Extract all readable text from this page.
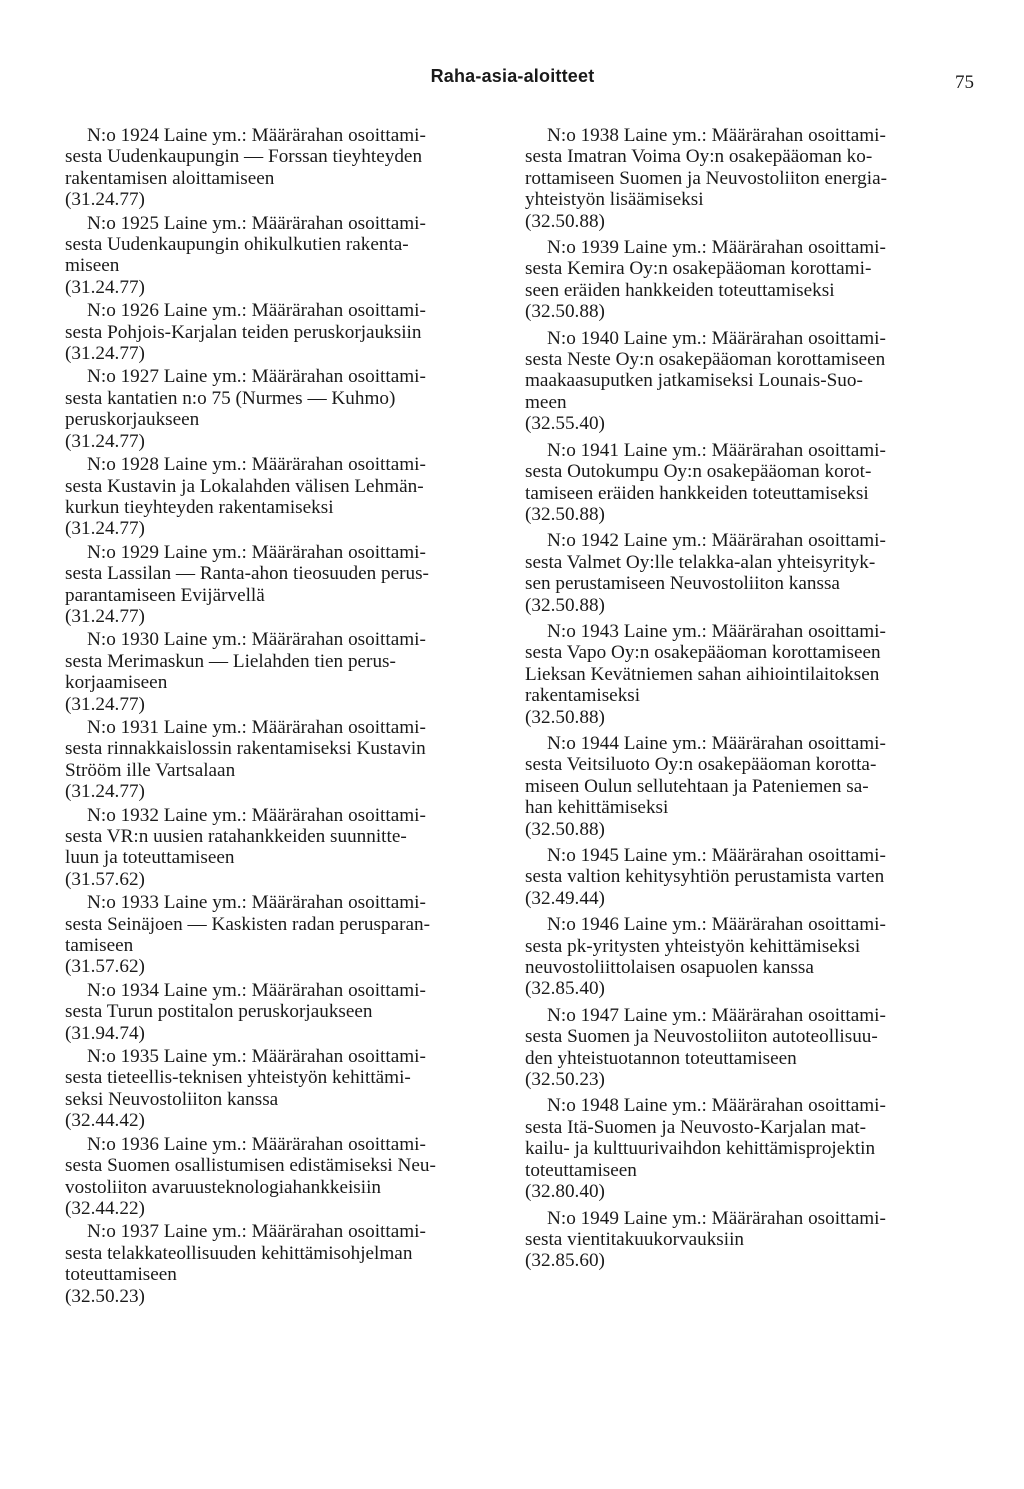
Raha-asia-aloitteet	75
N:o 1924 Laine ym.: Määrärahan osoittami-
sesta Uudenkaupungin — Forssan tieyhteyden
rakentamisen aloittamiseen
(31.24.77)
N:o 1925 Laine ym.: Määrärahan osoittami-
sesta Uudenkaupungin ohikulkutien rakenta-
miseen
(31.24.77)
N:o 1926 Laine ym.: Määrärahan osoittami-
sesta Pohjois-Karjalan teiden peruskorjauksiin
(31.24.77)
N:o 1927 Laine ym.: Määrärahan osoittami-
sesta kantatien n:o 75 (Nurmes — Kuhmo)
peruskorjaukseen
(31.24.77)
N:o 1928 Laine ym.: Määrärahan osoittami-
sesta Kustavin ja Lokalahden välisen Lehmän-
kurkun tieyhteyden rakentamiseksi
(31.24.77)
N:o 1929 Laine ym.: Määrärahan osoittami-
sesta Lassilan — Ranta-ahon tieosuuden perus-
parantamiseen Evijärvellä
(31.24.77)
N:o 1930 Laine ym.: Määrärahan osoittami-
sesta Merimaskun — Lielahden tien perus-
korjaamiseen
(31.24.77)
N:o 1931 Laine ym.: Määrärahan osoittami-
sesta rinnakkaislossin rakentamiseksi Kustavin
Strööm ille Vartsalaan
(31.24.77)
N:o 1932 Laine ym.: Määrärahan osoittami-
sesta VR:n uusien ratahankkeiden suunnitte-
luun ja toteuttamiseen
(31.57.62)
N:o 1933 Laine ym.: Määrärahan osoittami-
sesta Seinäjoen — Kaskisten radan perusparan-
tamiseen
(31.57.62)
N:o 1934 Laine ym.: Määrärahan osoittami-
sesta Turun postitalon peruskorjaukseen
(31.94.74)
N:o 1935 Laine ym.: Määrärahan osoittami-
sesta tieteellis-teknisen yhteistyön kehittämi-
seksi Neuvostoliiton kanssa
(32.44.42)
N:o 1936 Laine ym.: Määrärahan osoittami-
sesta Suomen osallistumisen edistämiseksi Neu-
vostoliiton avaruusteknologiahankkeisiin
(32.44.22)
N:o 1937 Laine ym.: Määrärahan osoittami-
sesta telakkateollisuuden kehittämisohjelman
toteuttamiseen
(32.50.23)
N:o 1938 Laine ym.: Määrärahan osoittami-
sesta Imatran Voima Oy:n osakepääoman ko-
rottamiseen Suomen ja Neuvostoliiton energia-
yhteistyön lisäämiseksi
(32.50.88)
N:o 1939 Laine ym.: Määrärahan osoittami-
sesta Kemira Oy:n osakepääoman korottami-
seen eräiden hankkeiden toteuttamiseksi
(32.50.88)
N:o 1940 Laine ym.: Määrärahan osoittami-
sesta Neste Oy:n osakepääoman korottamiseen
maakaasuputken jatkamiseksi Lounais-Suo-
meen
(32.55.40)
N:o 1941 Laine ym.: Määrärahan osoittami-
sesta Outokumpu Oy:n osakepääoman korot-
tamiseen eräiden hankkeiden toteuttamiseksi
(32.50.88)
N:o 1942 Laine ym.: Määrärahan osoittami-
sesta Valmet Oy:lle telakka-alan yhteisyrityk-
sen perustamiseen Neuvostoliiton kanssa
(32.50.88)
N:o 1943 Laine ym.: Määrärahan osoittami-
sesta Vapo Oy:n osakepääoman korottamiseen
Lieksan Kevätniemen sahan aihiointilaitoksen
rakentamiseksi
(32.50.88)
N:o 1944 Laine ym.: Määrärahan osoittami-
sesta Veitsiluoto Oy:n osakepääoman korotta-
miseen Oulun sellutehtaan ja Pateniemen sa-
han kehittämiseksi
(32.50.88)
N:o 1945 Laine ym.: Määrärahan osoittami-
sesta valtion kehitysyhtiön perustamista varten
(32.49.44)
N:o 1946 Laine ym.: Määrärahan osoittami-
sesta pk-yritysten yhteistyön kehittämiseksi
neuvostoliittolaisen osapuolen kanssa
(32.85.40)
N:o 1947 Laine ym.: Määrärahan osoittami-
sesta Suomen ja Neuvostoliiton autoteollisuu-
den yhteistuotannon toteuttamiseen
(32.50.23)
N:o 1948 Laine ym.: Määrärahan osoittami-
sesta Itä-Suomen ja Neuvosto-Karjalan mat-
kailu- ja kulttuurivaihdon kehittämisprojektin
toteuttamiseen
(32.80.40)
N:o 1949 Laine ym.: Määrärahan osoittami-
sesta vientitakuukorvauksiin
(32.85.60)
